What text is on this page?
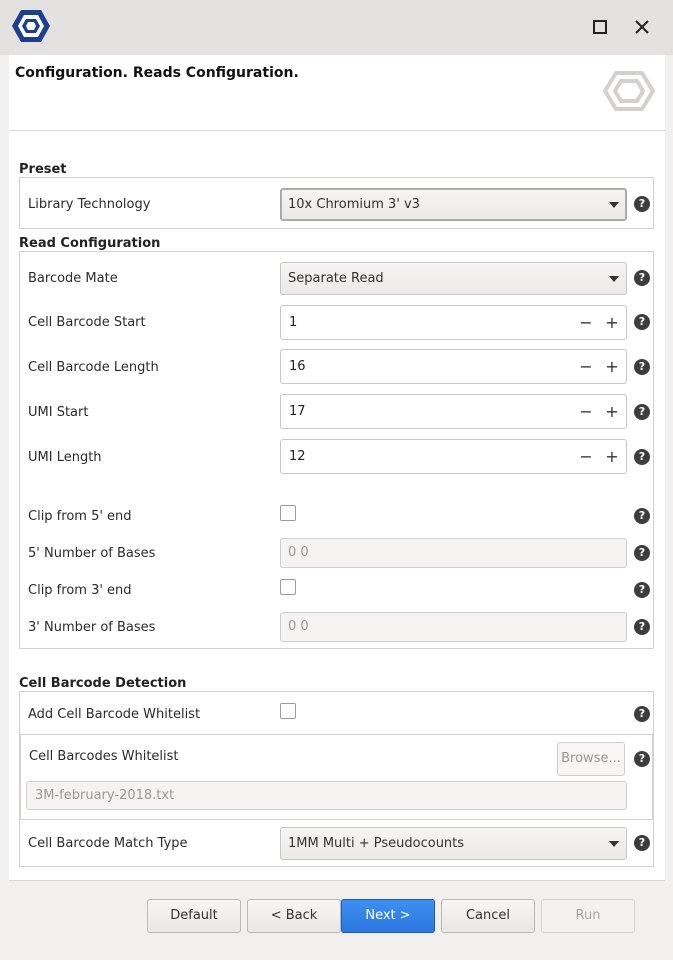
Configuration. Reads Configuration.
Preset
Library Technology	10x Chromium 3' v3	?
Read Configuration
Barcode Mate	Separate Read	?
Cell Barcode Start	1	− +	?
Cell Barcode Length	16	− +	?
UMI Start	17	− +	?
UMI Length	12	− +	?
Clip from 5' end	?
5' Number of Bases	0 0	?
Clip from 3' end	?
3' Number of Bases	0 0	?
Cell Barcode Detection
Add Cell Barcode Whitelist	?
Cell Barcodes Whitelist	Browse...	?
3M-february-2018.txt
Cell Barcode Match Type	1MM Multi + Pseudocounts	?
Default	< Back	Next >	Cancel	Run
